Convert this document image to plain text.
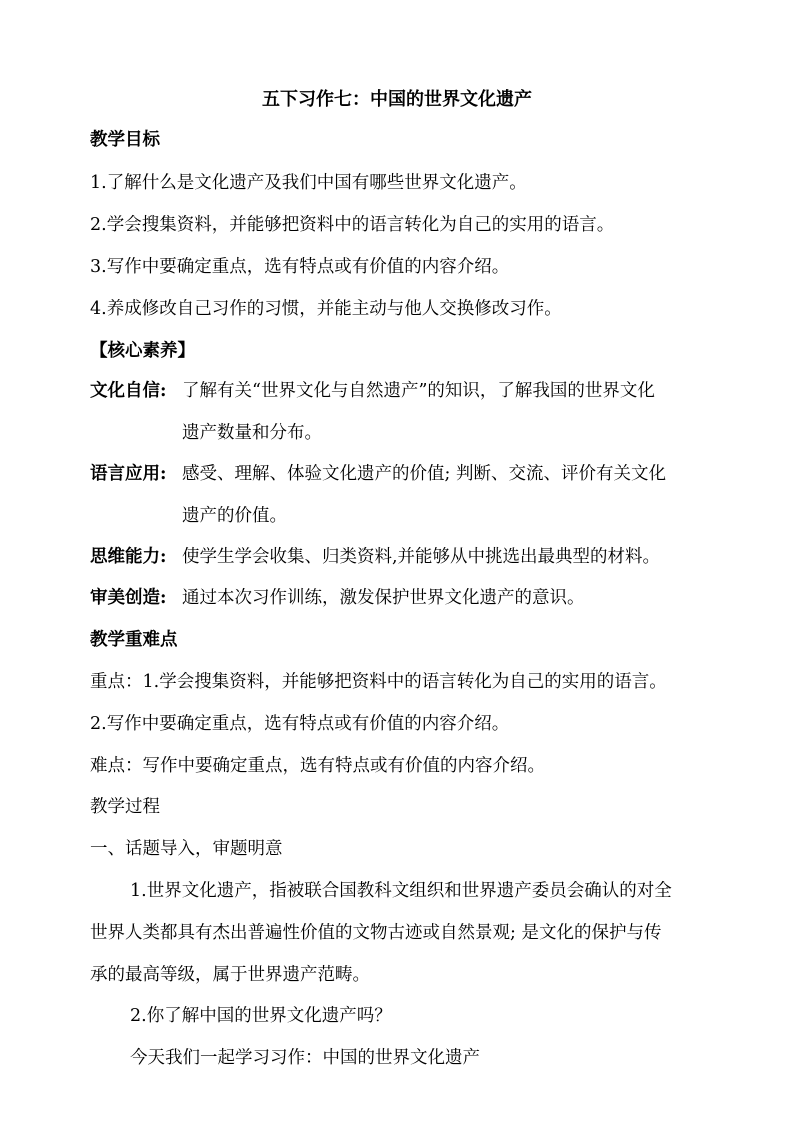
五下习作七：中国的世界文化遗产
教学目标
1.了解什么是文化遗产及我们中国有哪些世界文化遗产。
2.学会搜集资料，并能够把资料中的语言转化为自己的实用的语言。
3.写作中要确定重点，选有特点或有价值的内容介绍。
4.养成修改自己习作的习惯，并能主动与他人交换修改习作。
【核心素养】
文化自信: 了解有关“世界文化与自然遗产”的知识，了解我国的世界文化
遗产数量和分布。
语言应用: 感受、理解、体验文化遗产的价值; 判断、交流、评价有关文化
遗产的价值。
思维能力: 使学生学会收集、归类资料,并能够从中挑选出最典型的材料。
审美创造: 通过本次习作训练，激发保护世界文化遗产的意识。
教学重难点
重点：1.学会搜集资料，并能够把资料中的语言转化为自己的实用的语言。
2.写作中要确定重点，选有特点或有价值的内容介绍。
难点：写作中要确定重点，选有特点或有价值的内容介绍。
教学过程
一、话题导入，审题明意
1.世界文化遗产，指被联合国教科文组织和世界遗产委员会确认的对全
世界人类都具有杰出普遍性价值的文物古迹或自然景观; 是文化的保护与传
承的最高等级，属于世界遗产范畴。
2.你了解中国的世界文化遗产吗？
今天我们一起学习习作：中国的世界文化遗产
